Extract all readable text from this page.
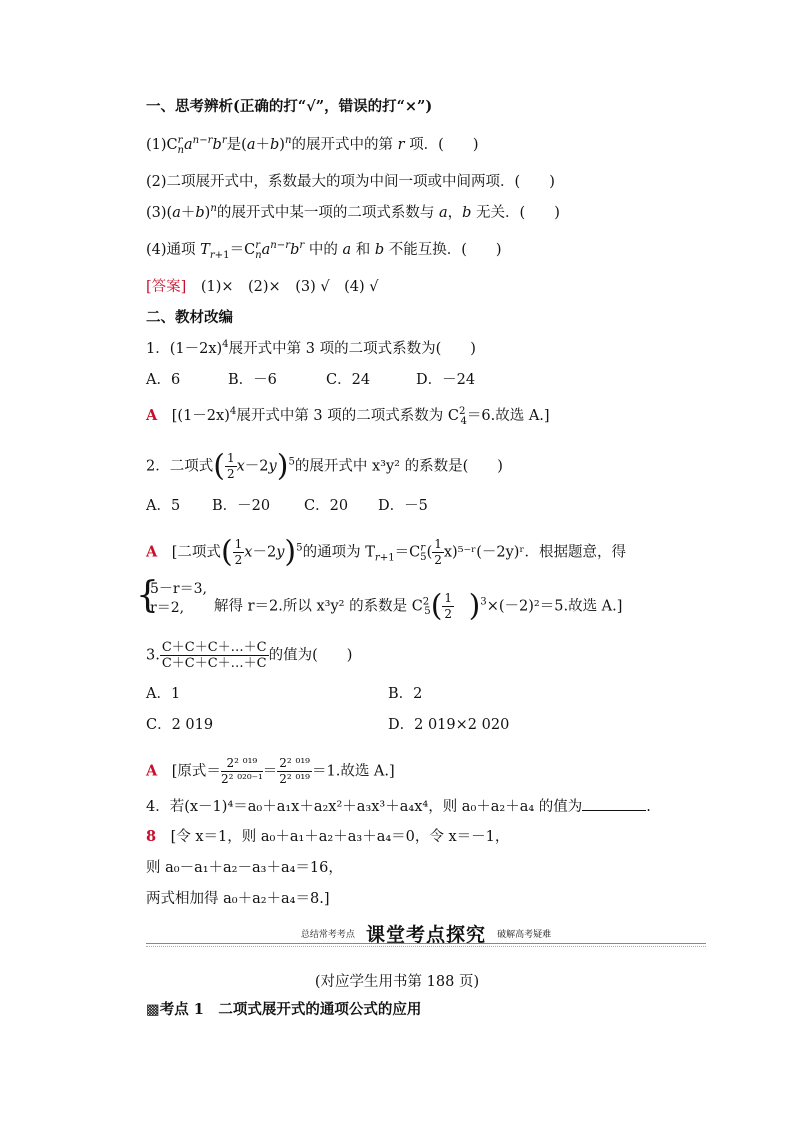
一、思考辨析(正确的打“√”，错误的打“×”)
$(1)C^r_na^{n-r}b^r$是$(a+b)^n$的展开式中的第 r 项．(　　)
(2)二项展开式中，系数最大的项为中间一项或中间两项．(　　)
$(3)(a+b)^n$的展开式中某一项的二项式系数与 a，b 无关．(　　)
(4)通项 $T_{r+1}=C^r_na^{n-r}b^r$ 中的 a 和 b 不能互换．(　　)
[答案]　 (1)×　(2)×　(3) √　(4) √
二、教材改编
1．$(1-2x)^4$展开式中第 3 项的二项式系数为(　　)
A．6	B．－6	C．24	D．－24
A　 [$(1-2x)^4$展开式中第 3 项的二项式系数为 $C^2_4=6$.故选 A.]
2．二项式( $\frac{1}{2} x-2y)^5$的展开式中 x³y² 的系数是(　　)
A．5 B．－20 C．20 D．－5
A　 [二项式( $\frac{1}{2} x-2y)^5$的通项为 $T_{r+1}=C^r_5( \frac{1}{2}$ x)⁵⁻ʳ(－2y)ʳ．根据题意，得
{
5－r＝3,
r＝2, 解得 r＝2.所以 x³y² 的系数是 $C^2_5( \frac{1}{2}$
　 )$^3$×(－2)²＝5.故选 A.]
3. $\frac{C+C+C+\dots+C}{C+C+C+\dots+C}$ 的值为(　　)
A．1	B．2
C．2 019	D．2 019×2 020
A　 [原式＝ $\frac{\text{2² ⁰¹⁹}}{\text{2² ⁰²⁰⁻¹}} = \frac{\text{2² ⁰¹⁹}}{\text{2² ⁰¹⁹}} =1$.故选 A.]
4．若(x－1)⁴＝a₀＋a₁x＋a₂x²＋a₃x³＋a₄x⁴，则 a₀＋a₂＋a₄ 的值为	.
8　 [令 x＝1，则 a₀＋a₁＋a₂＋a₃＋a₄＝0，令 x＝－1，
则 a₀－a₁＋a₂－a₃＋a₄＝16，
两式相加得 a₀＋a₂＋a₄＝8.]
总结常考考点 课堂考点探究 破解高考疑难
(对应学生用书第 188 页)
▩考点 1　二项式展开式的通项公式的应用
